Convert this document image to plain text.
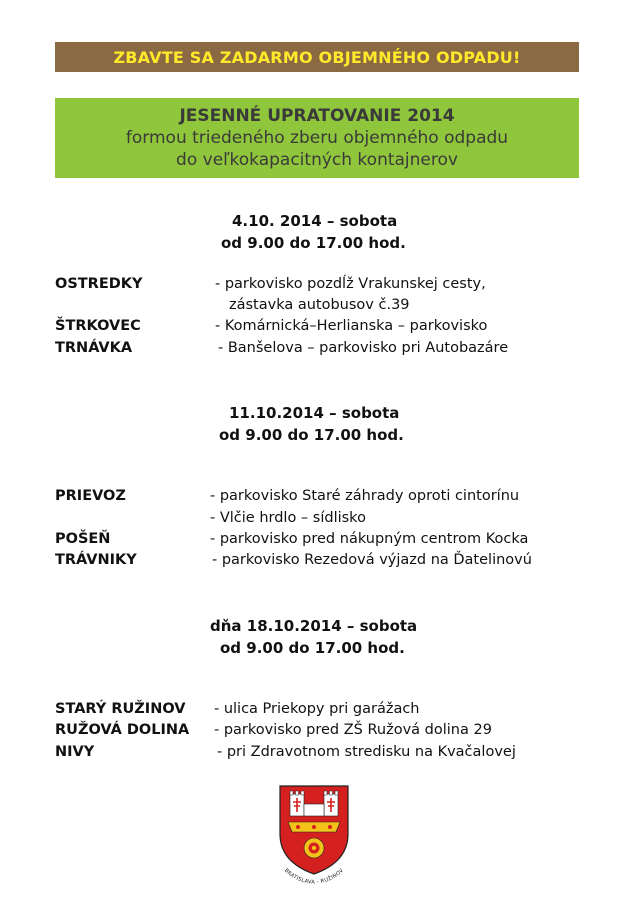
ZBAVTE SA ZADARMO OBJEMNÉHO ODPADU!
JESENNÉ UPRATOVANIE 2014
formou triedeného zberu objemného odpadu
do veľkokapacitných kontajnerov
4.10. 2014 – sobota
od 9.00 do 17.00 hod.
OSTREDKY	- parkovisko pozdĺž Vrakunskej cesty,
zástavka autobusov č.39
ŠTRKOVEC	- Komárnická–Herlianska – parkovisko
TRNÁVKA	- Banšelova – parkovisko pri Autobazáre
11.10.2014 – sobota
od 9.00 do 17.00 hod.
PRIEVOZ	- parkovisko Staré záhrady oproti cintorínu
- Vlčie hrdlo – sídlisko
POŠEŇ	- parkovisko pred nákupným centrom Kocka
TRÁVNIKY	- parkovisko Rezedová výjazd na Ďatelinovú
dňa 18.10.2014 – sobota
od 9.00 do 17.00 hod.
STARÝ RUŽINOV - ulica Priekopy pri garážach
RUŽOVÁ DOLINA - parkovisko pred ZŠ Ružová dolina 29
NIVY	- pri Zdravotnom stredisku na Kvačalovej
BRATISLAVA - RUŽINOV
